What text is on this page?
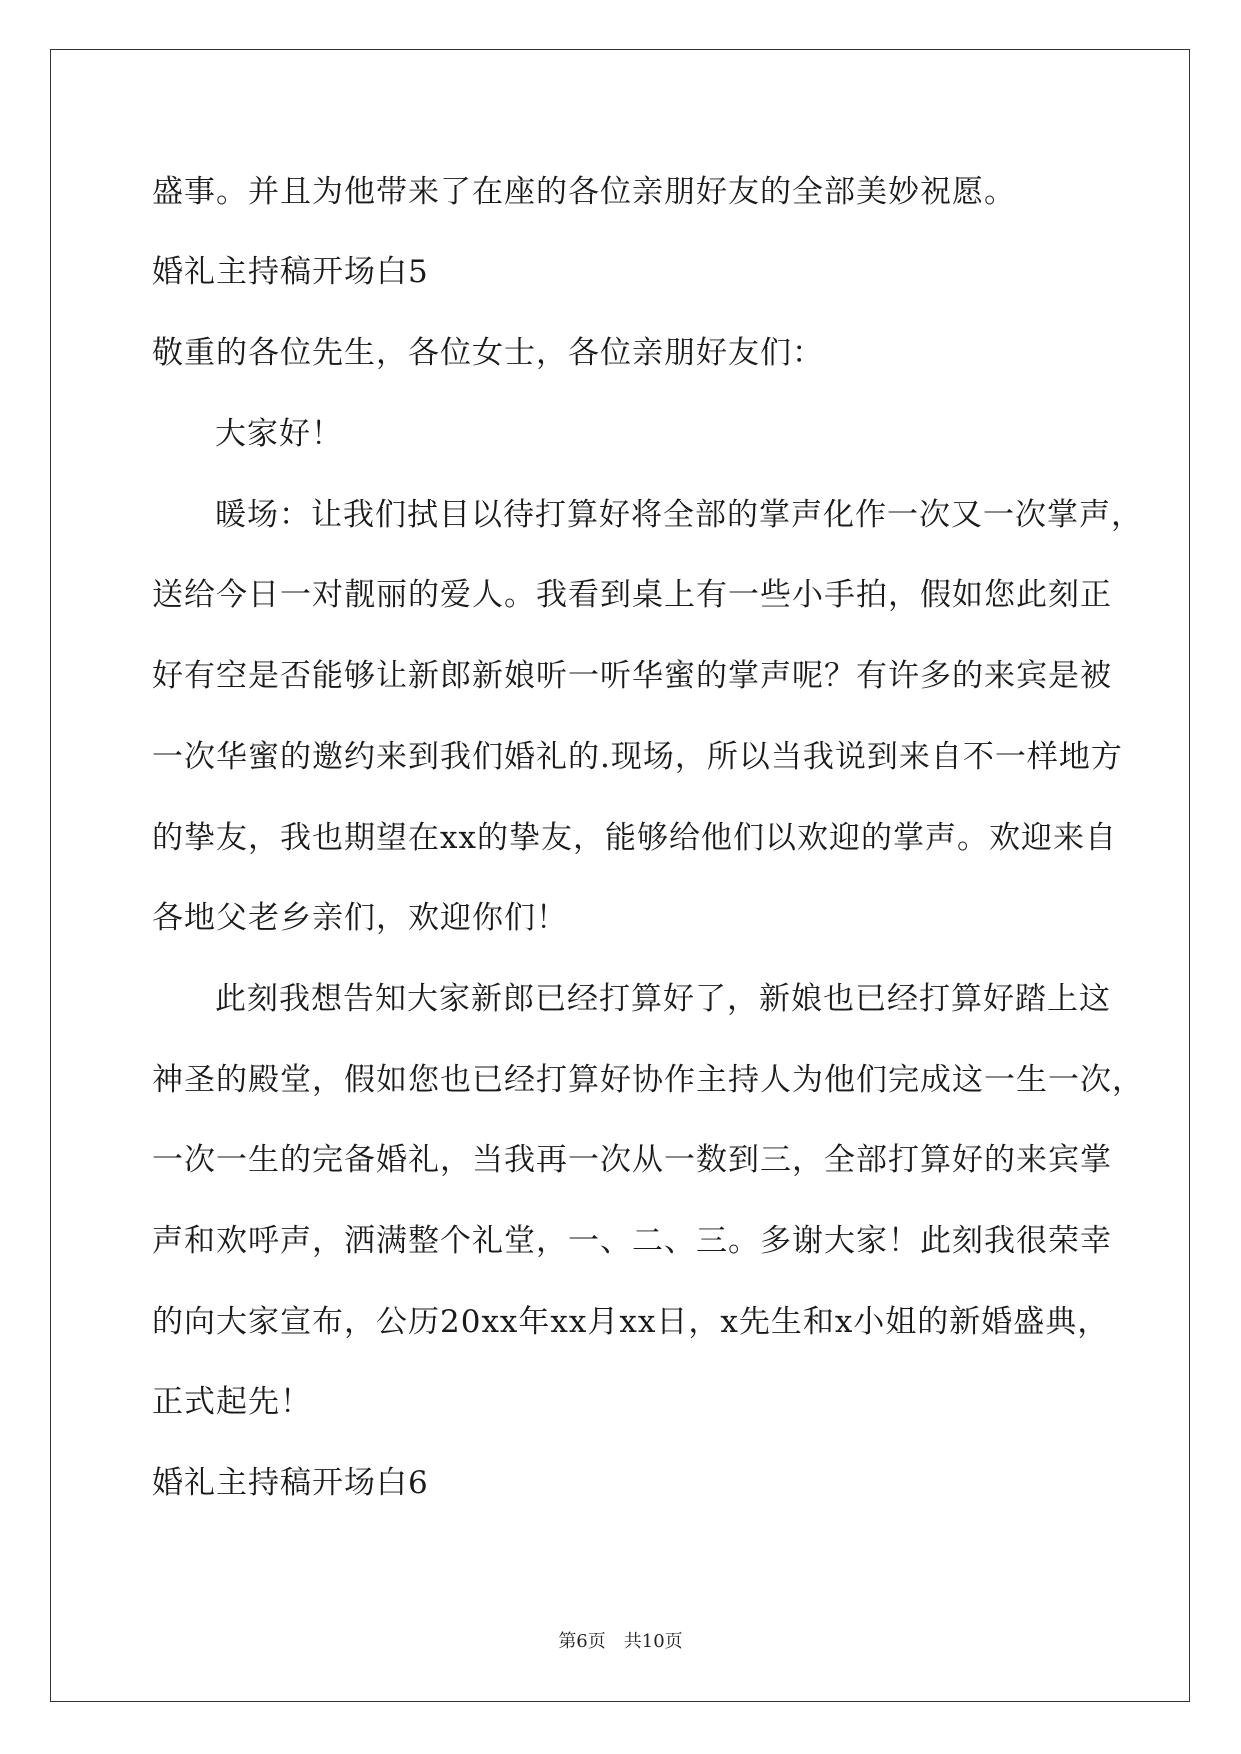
盛事。并且为他带来了在座的各位亲朋好友的全部美妙祝愿。
婚礼主持稿开场白5
敬重的各位先生，各位女士，各位亲朋好友们：
大家好！
暖场：让我们拭目以待打算好将全部的掌声化作一次又一次掌声，
送给今日一对靓丽的爱人。我看到桌上有一些小手拍，假如您此刻正
好有空是否能够让新郎新娘听一听华蜜的掌声呢？有许多的来宾是被
一次华蜜的邀约来到我们婚礼的.现场，所以当我说到来自不一样地方
的挚友，我也期望在xx的挚友，能够给他们以欢迎的掌声。欢迎来自
各地父老乡亲们，欢迎你们！
此刻我想告知大家新郎已经打算好了，新娘也已经打算好踏上这
神圣的殿堂，假如您也已经打算好协作主持人为他们完成这一生一次，
一次一生的完备婚礼，当我再一次从一数到三，全部打算好的来宾掌
声和欢呼声，洒满整个礼堂，一、二、三。多谢大家！此刻我很荣幸
的向大家宣布，公历20xx年xx月xx日，x先生和x小姐的新婚盛典，
正式起先！
婚礼主持稿开场白6
第6页　共10页
